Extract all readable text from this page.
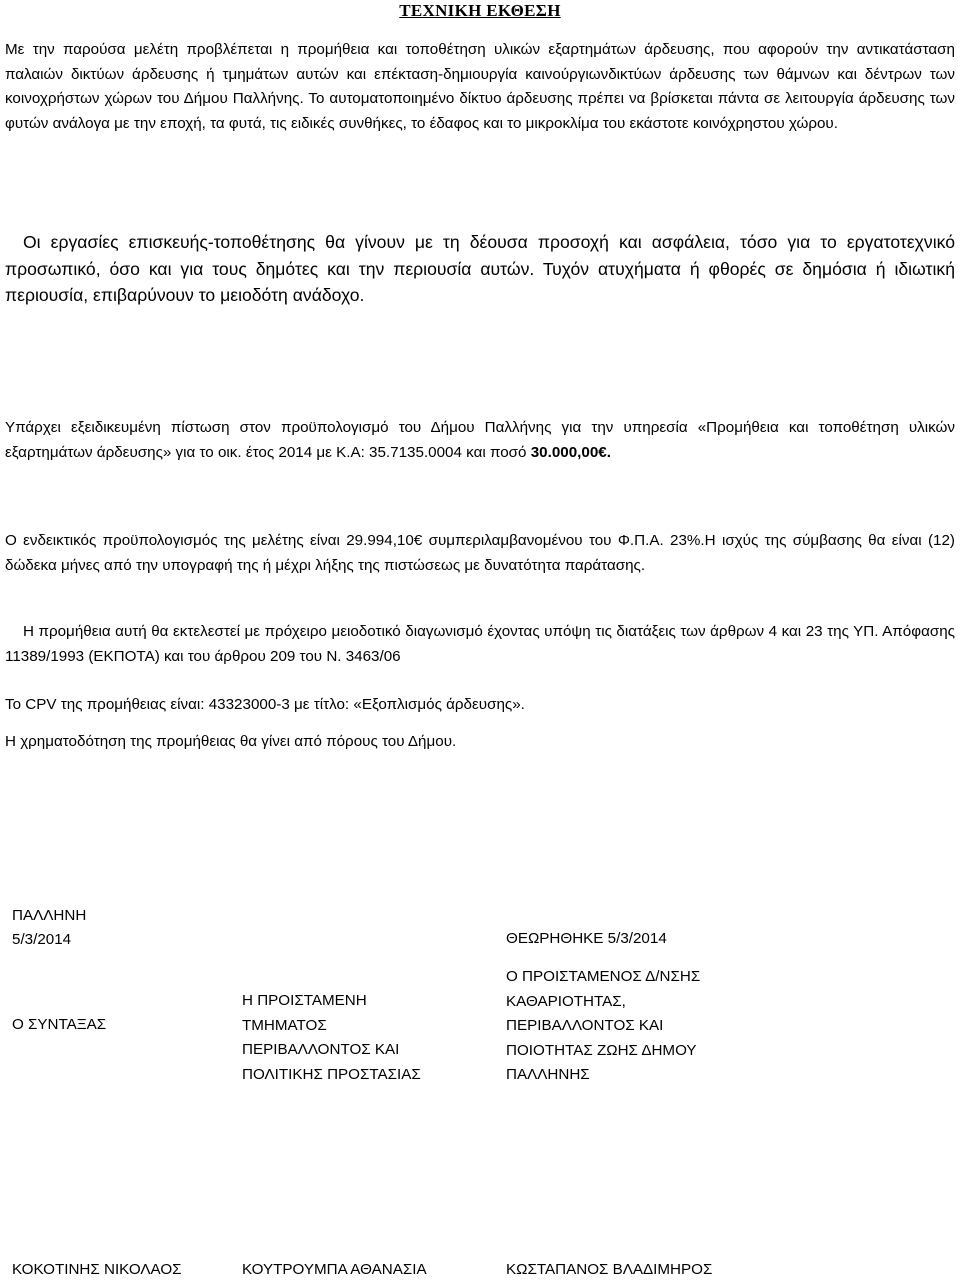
ΤΕΧΝΙΚΗ ΕΚΘΕΣΗ

Με την παρούσα μελέτη προβλέπεται η προμήθεια και τοποθέτηση υλικών εξαρτημάτων άρδευσης, που αφορούν την αντικατάσταση παλαιών δικτύων άρδευσης ή τμημάτων αυτών και επέκταση-δημιουργία καινούργιωνδικτύων άρδευσης των θάμνων και δέντρων των κοινοχρήστων χώρων του Δήμου Παλλήνης. Το αυτοματοποιημένο δίκτυο άρδευσης πρέπει να βρίσκεται πάντα σε λειτουργία άρδευσης των φυτών ανάλογα με την εποχή, τα φυτά, τις ειδικές συνθήκες, το έδαφος και το μικροκλίμα του εκάστοτε κοινόχρηστου χώρου.

Οι εργασίες επισκευής-τοποθέτησης θα γίνουν με τη δέουσα προσοχή και ασφάλεια, τόσο για το εργατοτεχνικό προσωπικό, όσο και για τους δημότες και την περιουσία αυτών. Τυχόν ατυχήματα ή φθορές σε δημόσια ή ιδιωτική περιουσία, επιβαρύνουν το μειοδότη ανάδοχο.

Το CPV της προμήθειας είναι: 43323000-3 με τίτλο: «Εξοπλισμός άρδευσης».

Υπάρχει εξειδικευμένη πίστωση στον προϋπολογισμό του Δήμου Παλλήνης για την υπηρεσία «Προμήθεια και τοποθέτηση υλικών εξαρτημάτων άρδευσης» για το οικ. έτος 2014 με Κ.Α: 35.7135.0004 και ποσό 30.000,00€.

Ο ενδεικτικός προϋπολογισμός της μελέτης είναι 29.994,10€ συμπεριλαμβανομένου του Φ.Π.Α. 23%.Η ισχύς της σύμβασης θα είναι (12) δώδεκα μήνες από την υπογραφή της ή μέχρι λήξης της πιστώσεως με δυνατότητα παράτασης.

Η προμήθεια αυτή θα εκτελεστεί με πρόχειρο μειοδοτικό διαγωνισμό έχοντας υπόψη τις διατάξεις των άρθρων 4 και 23 της ΥΠ. Απόφασης 11389/1993 (ΕΚΠΟΤΑ) και του άρθρου 209 του Ν. 3463/06

Η χρηματοδότηση της προμήθειας θα γίνει από πόρους του Δήμου.

ΠΑΛΛΗΝΗ

5/3/2014	ΘΕΩΡΗΘΗΚΕ 5/3/2014

Ο ΣΥΝΤΑΞΑΣ

Η ΠΡΟΙΣΤΑΜΕΝΗ
ΤΜΗΜΑΤΟΣ
ΠΕΡΙΒΑΛΛΟΝΤΟΣ ΚΑΙ
ΠΟΛΙΤΙΚΗΣ ΠΡΟΣΤΑΣΙΑΣ
Ο ΠΡΟΙΣΤΑΜΕΝΟΣ Δ/ΝΣΗΣ
ΚΑΘΑΡΙΟΤΗΤΑΣ,
ΠΕΡΙΒΑΛΛΟΝΤΟΣ ΚΑΙ
ΠΟΙΟΤΗΤΑΣ ΖΩΗΣ ΔΗΜΟΥ
ΠΑΛΛΗΝΗΣ

ΚΟΚΟΤΙΝΗΣ ΝΙΚΟΛΑΟΣ	ΚΟΥΤΡΟΥΜΠΑ ΑΘΑΝΑΣΙΑ	ΚΩΣΤΑΠΑΝΟΣ ΒΛΑΔΙΜΗΡΟΣ
